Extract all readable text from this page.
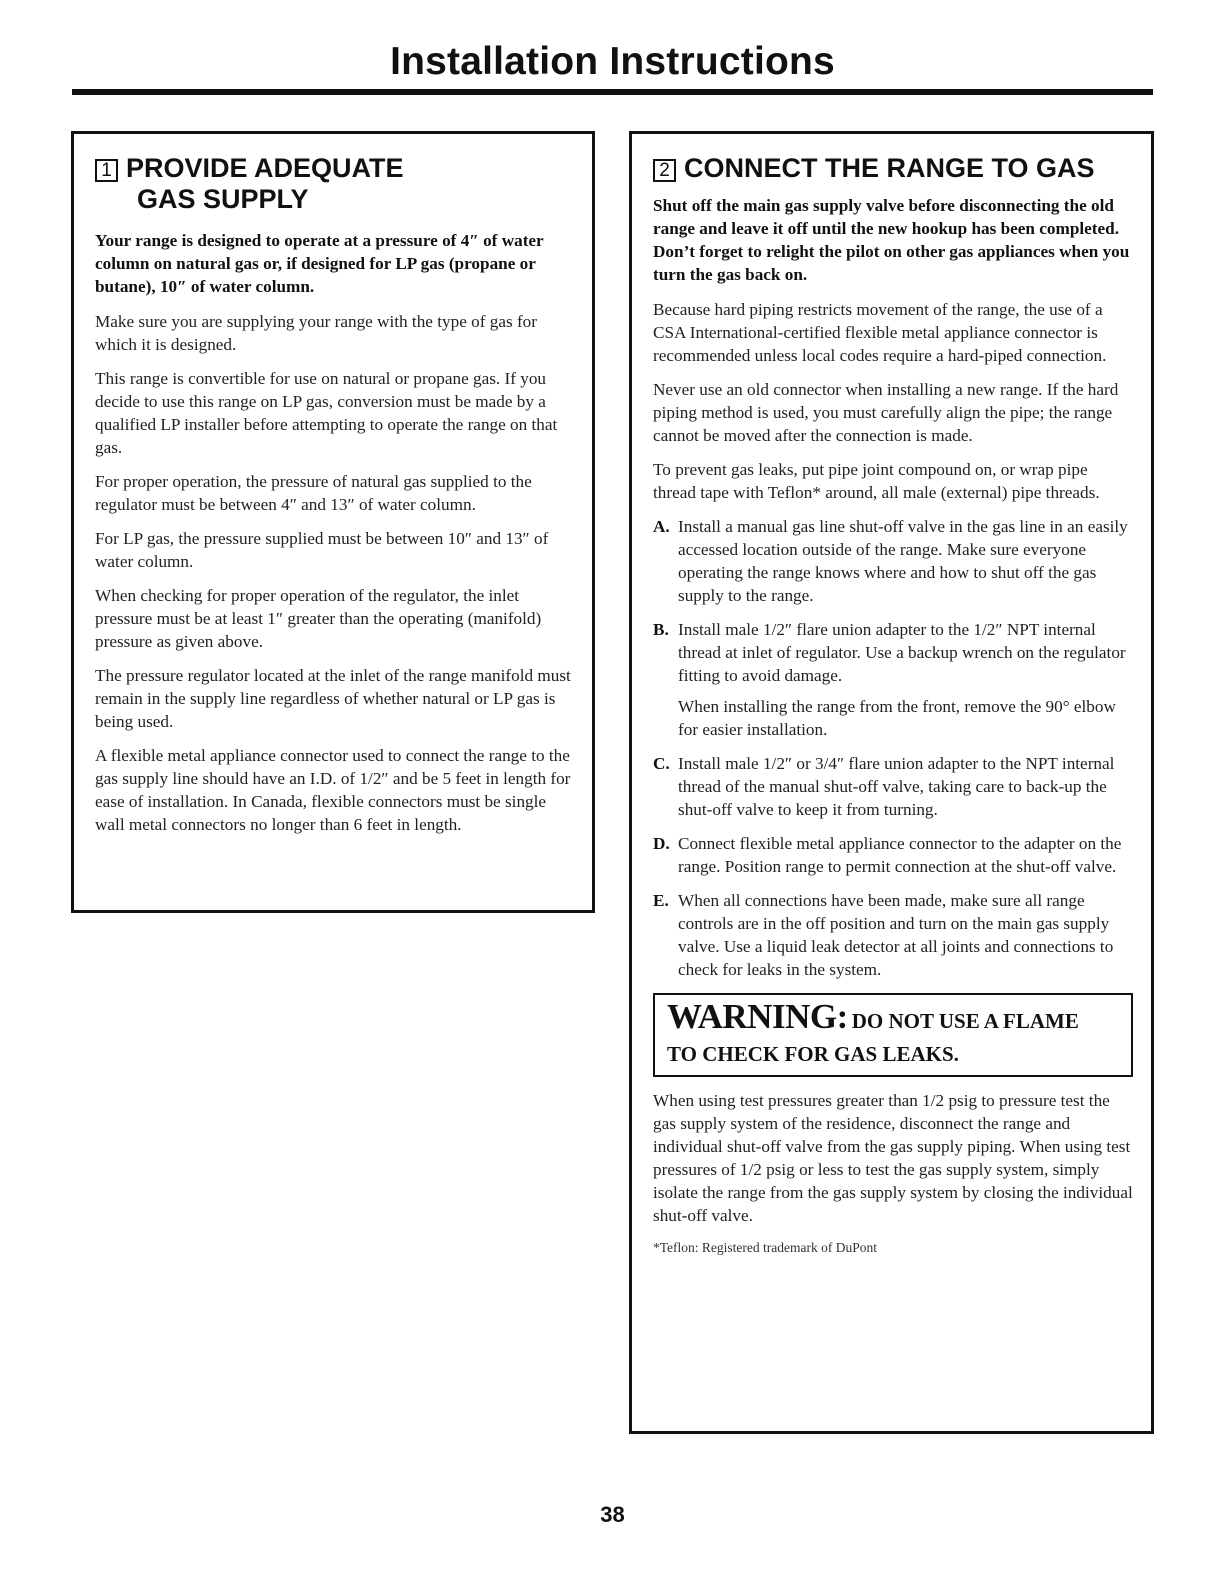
Installation Instructions
1 PROVIDE ADEQUATE
GAS SUPPLY
Your range is designed to operate at a pressure of 4″ of water column on natural gas or, if designed for LP gas (propane or butane), 10″ of water column.

Make sure you are supplying your range with the type of gas for which it is designed.

This range is convertible for use on natural or propane gas. If you decide to use this range on LP gas, conversion must be made by a qualified LP installer before attempting to operate the range on that gas.

For proper operation, the pressure of natural gas supplied to the regulator must be between 4″ and 13″ of water column.

For LP gas, the pressure supplied must be between 10″ and 13″ of water column.

When checking for proper operation of the regulator, the inlet pressure must be at least 1″ greater than the operating (manifold) pressure as given above.

The pressure regulator located at the inlet of the range manifold must remain in the supply line regardless of whether natural or LP gas is being used.

A flexible metal appliance connector used to connect the range to the gas supply line should have an I.D. of 1/2″ and be 5 feet in length for ease of installation. In Canada, flexible connectors must be single wall metal connectors no longer than 6 feet in length.

2 CONNECT THE RANGE TO GAS
Shut off the main gas supply valve before disconnecting the old range and leave it off until the new hookup has been completed. Don’t forget to relight the pilot on other gas appliances when you turn the gas back on.

Because hard piping restricts movement of the range, the use of a CSA International-certified flexible metal appliance connector is recommended unless local codes require a hard-piped connection.

Never use an old connector when installing a new range. If the hard piping method is used, you must carefully align the pipe; the range cannot be moved after the connection is made.

To prevent gas leaks, put pipe joint compound on, or wrap pipe thread tape with Teflon* around, all male (external) pipe threads.

A. Install a manual gas line shut-off valve in the gas line in an easily accessed location outside of the range. Make sure everyone operating the range knows where and how to shut off the gas supply to the range.
B. Install male 1/2″ flare union adapter to the 1/2″ NPT internal thread at inlet of regulator. Use a backup wrench on the regulator fitting to avoid damage.
When installing the range from the front, remove the 90° elbow for easier installation.
C. Install male 1/2″ or 3/4″ flare union adapter to the NPT internal thread of the manual shut-off valve, taking care to back-up the shut-off valve to keep it from turning.
D. Connect flexible metal appliance connector to the adapter on the range. Position range to permit connection at the shut-off valve.
E. When all connections have been made, make sure all range controls are in the off position and turn on the main gas supply valve. Use a liquid leak detector at all joints and connections to check for leaks in the system.
WARNING: DO NOT USE A FLAME
TO CHECK FOR GAS LEAKS.

When using test pressures greater than 1/2 psig to pressure test the gas supply system of the residence, disconnect the range and individual shut-off valve from the gas supply piping. When using test pressures of 1/2 psig or less to test the gas supply system, simply isolate the range from the gas supply system by closing the individual shut-off valve.

*Teflon: Registered trademark of DuPont
38
